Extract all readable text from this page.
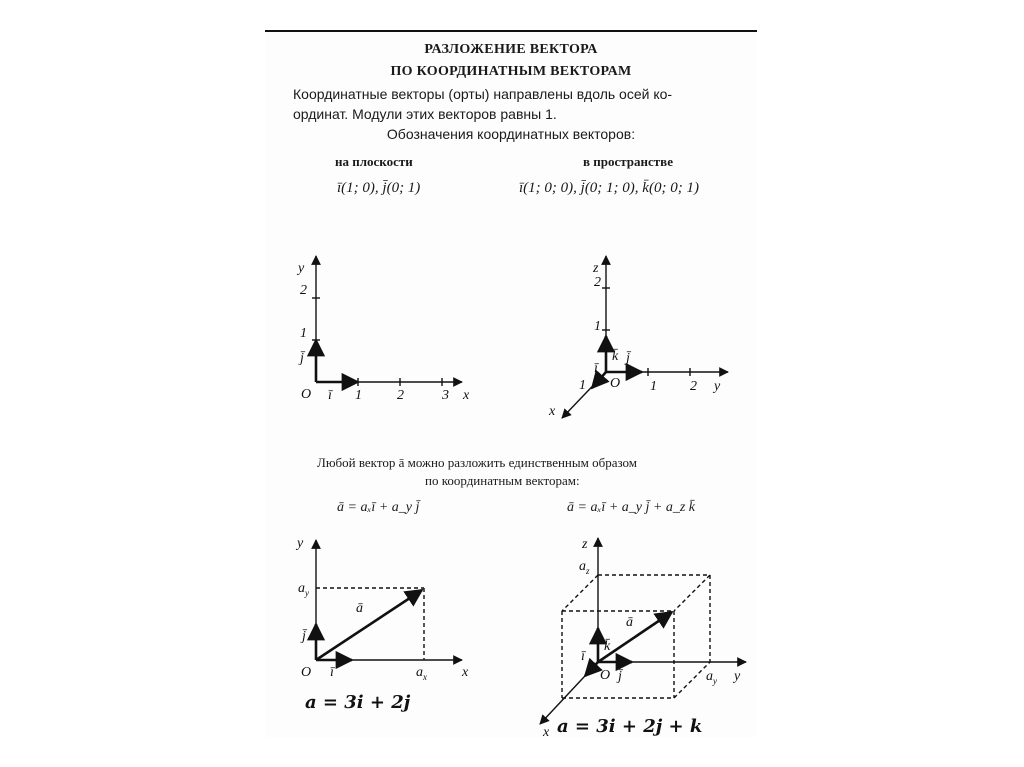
РАЗЛОЖЕНИЕ ВЕКТОРА
ПО КООРДИНАТНЫМ ВЕКТОРАМ
Координатные векторы (орты) направлены вдоль осей ко-
ординат. Модули этих векторов равны 1.
Обозначения координатных векторов:
на плоскости	в пространстве
ī(1; 0), j̄(0; 1)	ī(1; 0; 0), j̄(0; 1; 0), k̄(0; 0; 1)
Любой вектор ā можно разложить единственным образом
по координатным векторам:
ā = aₓī + a_y j̄	ā = aₓī + a_y j̄ + a_z k̄
a = 3i + 2j
a = 3i + 2j + k
y
2
1
j̄
O ī 1	2	3 x
z
2
1
k̄ j̄
ī
O
1	1 2 y
x
y
$a_y$
ā
j̄
O ī	$a_x$	x
z
$a_z$
ā
k̄
ī
O j̄	$a_y$ y
x
